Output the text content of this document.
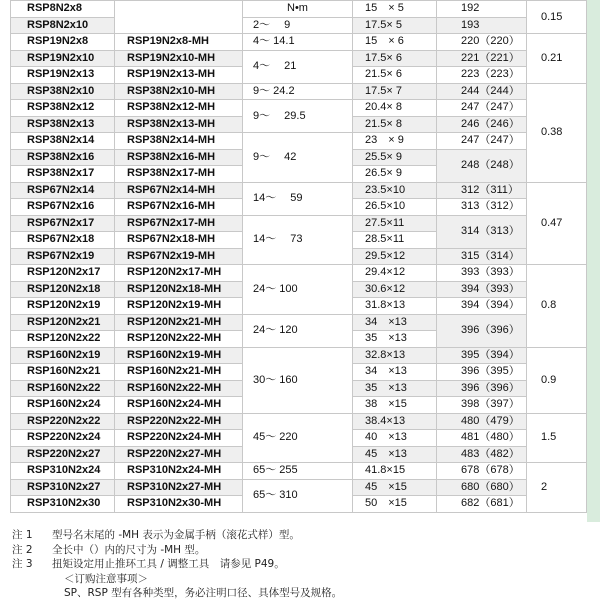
RSP8N2x8		N•m	15　× 5	192	0.15
RSP8N2x10		2～　 9	17.5× 5	193	
RSP19N2x8	RSP19N2x8-MH	4～ 14.1	15　× 6	220（220）	0.21
RSP19N2x10	RSP19N2x10-MH	4～　 21	17.5× 6	221（221）	
RSP19N2x13	RSP19N2x13-MH		21.5× 6	223（223）	
RSP38N2x10	RSP38N2x10-MH	9～ 24.2	17.5× 7	244（244）	0.38
RSP38N2x12	RSP38N2x12-MH	9～　 29.5	20.4× 8	247（247）	
RSP38N2x13	RSP38N2x13-MH		21.5× 8	246（246）	
RSP38N2x14	RSP38N2x14-MH	9～　 42	23　× 9	247（247）	
RSP38N2x16	RSP38N2x16-MH		25.5× 9	248（248）	
RSP38N2x17	RSP38N2x17-MH		26.5× 9		
RSP67N2x14	RSP67N2x14-MH	14～　 59	23.5×10	312（311）	0.47
RSP67N2x16	RSP67N2x16-MH		26.5×10	313（312）	
RSP67N2x17	RSP67N2x17-MH	14～　 73	27.5×11	314（313）	
RSP67N2x18	RSP67N2x18-MH		28.5×11		
RSP67N2x19	RSP67N2x19-MH		29.5×12	315（314）	
RSP120N2x17	RSP120N2x17-MH	24～ 100	29.4×12	393（393）	0.8
RSP120N2x18	RSP120N2x18-MH		30.6×12	394（393）	
RSP120N2x19	RSP120N2x19-MH		31.8×13	394（394）	
RSP120N2x21	RSP120N2x21-MH	24～ 120	34　×13	396（396）	
RSP120N2x22	RSP120N2x22-MH		35　×13		
RSP160N2x19	RSP160N2x19-MH	30～ 160	32.8×13	395（394）	0.9
RSP160N2x21	RSP160N2x21-MH		34　×13	396（395）	
RSP160N2x22	RSP160N2x22-MH		35　×13	396（396）	
RSP160N2x24	RSP160N2x24-MH		38　×15	398（397）	
RSP220N2x22	RSP220N2x22-MH	45～ 220	38.4×13	480（479）	1.5
RSP220N2x24	RSP220N2x24-MH		40　×13	481（480）	
RSP220N2x27	RSP220N2x27-MH		45　×13	483（482）	
RSP310N2x24	RSP310N2x24-MH	65～ 255	41.8×15	678（678）	2
RSP310N2x27	RSP310N2x27-MH	65～ 310	45　×15	680（680）	
RSP310N2x30	RSP310N2x30-MH		50　×15	682（681）	
注 1 型号名末尾的 -MH 表示为金属手柄（滚花式样）型。
注 2 全长中（）内的尺寸为 -MH 型。
注 3 扭矩设定用止推环工具 / 调整工具　请参见 P49。
＜订购注意事项＞
SP、RSP 型有各种类型，务必注明口径、具体型号及规格。
